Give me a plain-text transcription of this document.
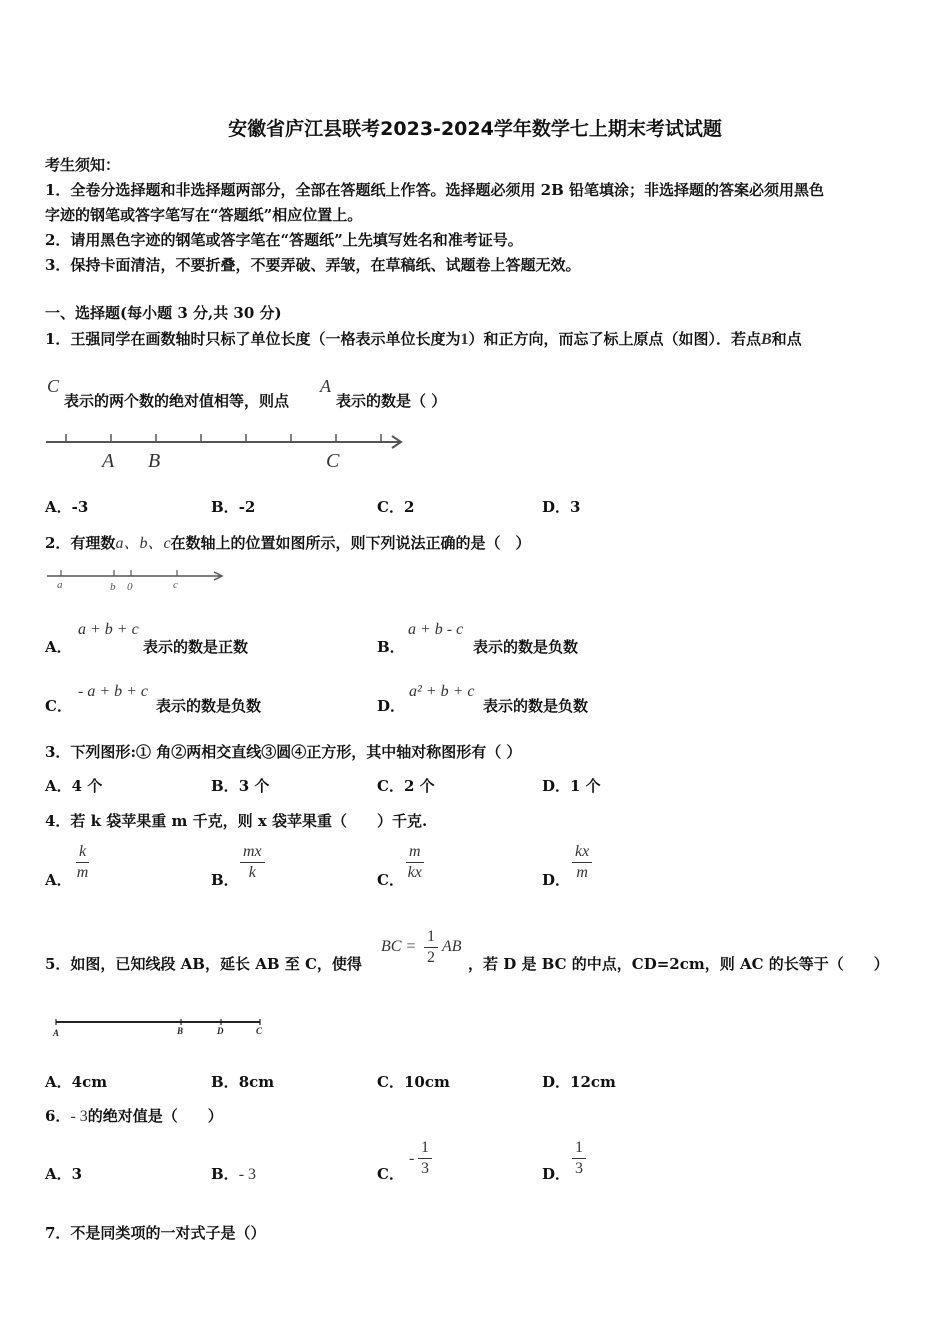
安徽省庐江县联考2023-2024学年数学七上期末考试试题
考生须知：
1．全卷分选择题和非选择题两部分，全部在答题纸上作答。选择题必须用 2B 铅笔填涂；非选择题的答案必须用黑色
字迹的钢笔或答字笔写在“答题纸”相应位置上。
2．请用黑色字迹的钢笔或答字笔在“答题纸”上先填写姓名和准考证号。
3．保持卡面清洁，不要折叠，不要弄破、弄皱，在草稿纸、试题卷上答题无效。
一、选择题(每小题 3 分,共 30 分)
1．王强同学在画数轴时只标了单位长度（一格表示单位长度为1）和正方向，而忘了标上原点（如图）．若点B和点
C
表示的两个数的绝对值相等，则点
A
表示的数是（ ）
A B	C
A．-3	B．-2	C．2	D．3
2．有理数a、b、c在数轴上的位置如图所示，则下列说法正确的是（　）
a	b 0	c
A．
a + b + c
表示的数是正数	B．
a + b - c
表示的数是负数
C．
- a + b + c
表示的数是负数	D．
a² + b + c
表示的数是负数
3．下列图形:① 角②两相交直线③圆④正方形，其中轴对称图形有（ ）
A．4 个	B．3 个	C．2 个	D．1 个
4．若 k 袋苹果重 m 千克，则 x 袋苹果重（　　）千克.
A． $\frac{k}{m}$	B． $\frac{mx}{k}$	C． $\frac{m}{kx}$	D． $\frac{kx}{m}$
5．如图，已知线段 AB，延长 AB 至 C，使得
BC = $\frac{1}{2}$ AB
，若 D 是 BC 的中点，CD=2cm，则 AC 的长等于（　　）
A	B	D	C
A．4cm	B．8cm	C．10cm	D．12cm
6．- 3的绝对值是（　　）
A．3	B．- 3	C．
- $\frac{1}{3}$	D． $\frac{1}{3}$
7．不是同类项的一对式子是（）
